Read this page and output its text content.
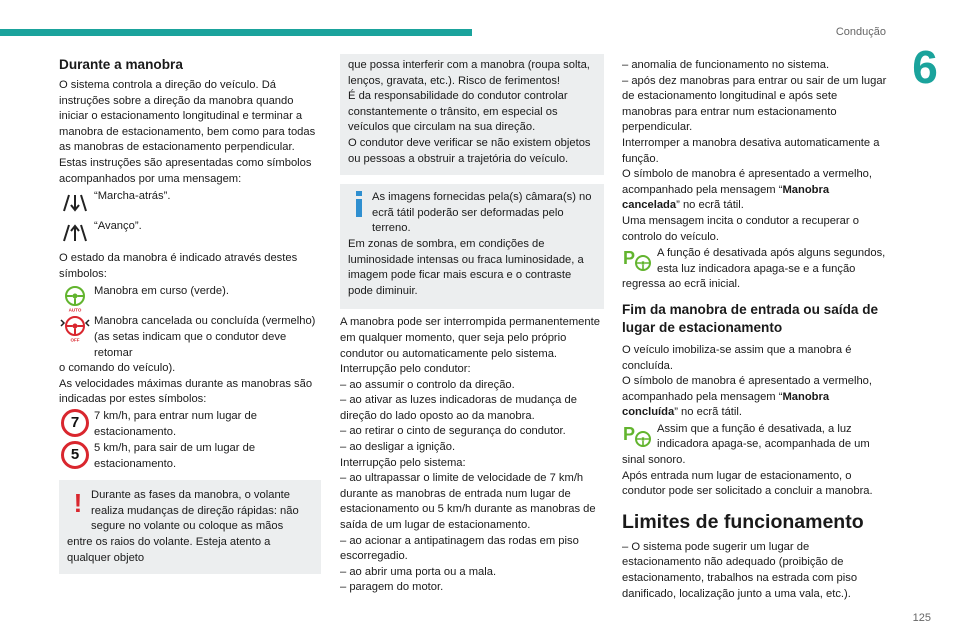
Condução
6
125
Durante a manobra

O sistema controla a direção do veículo. Dá instruções sobre a direção da manobra quando iniciar o estacionamento longitudinal e terminar a manobra de estacionamento, bem como para todas as manobras de estacionamento perpendicular.

Estas instruções são apresentadas como símbolos acompanhados por uma mensagem:

“Marcha-atrás”.
“Avanço”.

O estado da manobra é indicado através destes símbolos:

AUTO
Manobra em curso (verde).
OFF
Manobra cancelada ou concluída (vermelho) (as setas indicam que o condutor deve retomar

o comando do veículo).

As velocidades máximas durante as manobras são indicadas por estes símbolos:

7	7 km/h, para entrar num lugar de estacionamento.
5	5 km/h, para sair de um lugar de estacionamento.
! Durante as fases da manobra, o volante realiza mudanças de direção rápidas: não segure no volante ou coloque as mãos entre os raios do volante. Esteja atento a qualquer objeto

que possa interferir com a manobra (roupa solta, lenços, gravata, etc.). Risco de ferimentos!

É da responsabilidade do condutor controlar constantemente o trânsito, em especial os veículos que circulam na sua direção.

O condutor deve verificar se não existem objetos ou pessoas a obstruir a trajetória do veículo.

As imagens fornecidas pela(s) câmara(s) no ecrã tátil poderão ser deformadas pelo terreno.

Em zonas de sombra, em condições de luminosidade intensas ou fraca luminosidade, a imagem pode ficar mais escura e o contraste pode diminuir.

A manobra pode ser interrompida permanentemente em qualquer momento, quer seja pelo próprio condutor ou automaticamente pelo sistema.

Interrupção pelo condutor:

– ao assumir o controlo da direção.

– ao ativar as luzes indicadoras de mudança de direção do lado oposto ao da manobra.

– ao retirar o cinto de segurança do condutor.

– ao desligar a ignição.

Interrupção pelo sistema:

– ao ultrapassar o limite de velocidade de 7 km/h durante as manobras de entrada num lugar de estacionamento ou 5 km/h durante as manobras de saída de um lugar de estacionamento.

– ao acionar a antipatinagem das rodas em piso escorregadio.

– ao abrir uma porta ou a mala.

– paragem do motor.

– anomalia de funcionamento no sistema.

– após dez manobras para entrar ou sair de um lugar de estacionamento longitudinal e após sete manobras para entrar num estacionamento perpendicular.

Interromper a manobra desativa automaticamente a função.

O símbolo de manobra é apresentado a vermelho, acompanhado pela mensagem “Manobra cancelada” no ecrã tátil.

Uma mensagem incita o condutor a recuperar o controlo do veículo.

P A função é desativada após alguns segundos, esta luz indicadora apaga-se e a função

regressa ao ecrã inicial.

Fim da manobra de entrada ou saída de lugar de estacionamento

O veículo imobiliza-se assim que a manobra é concluída.

O símbolo de manobra é apresentado a vermelho, acompanhado pela mensagem “Manobra concluída” no ecrã tátil.

P Assim que a função é desativada, a luz indicadora apaga-se, acompanhada de um

sinal sonoro.

Após entrada num lugar de estacionamento, o condutor pode ser solicitado a concluir a manobra.

Limites de funcionamento

– O sistema pode sugerir um lugar de estacionamento não adequado (proibição de estacionamento, trabalhos na estrada com piso danificado, localização junto a uma vala, etc.).
